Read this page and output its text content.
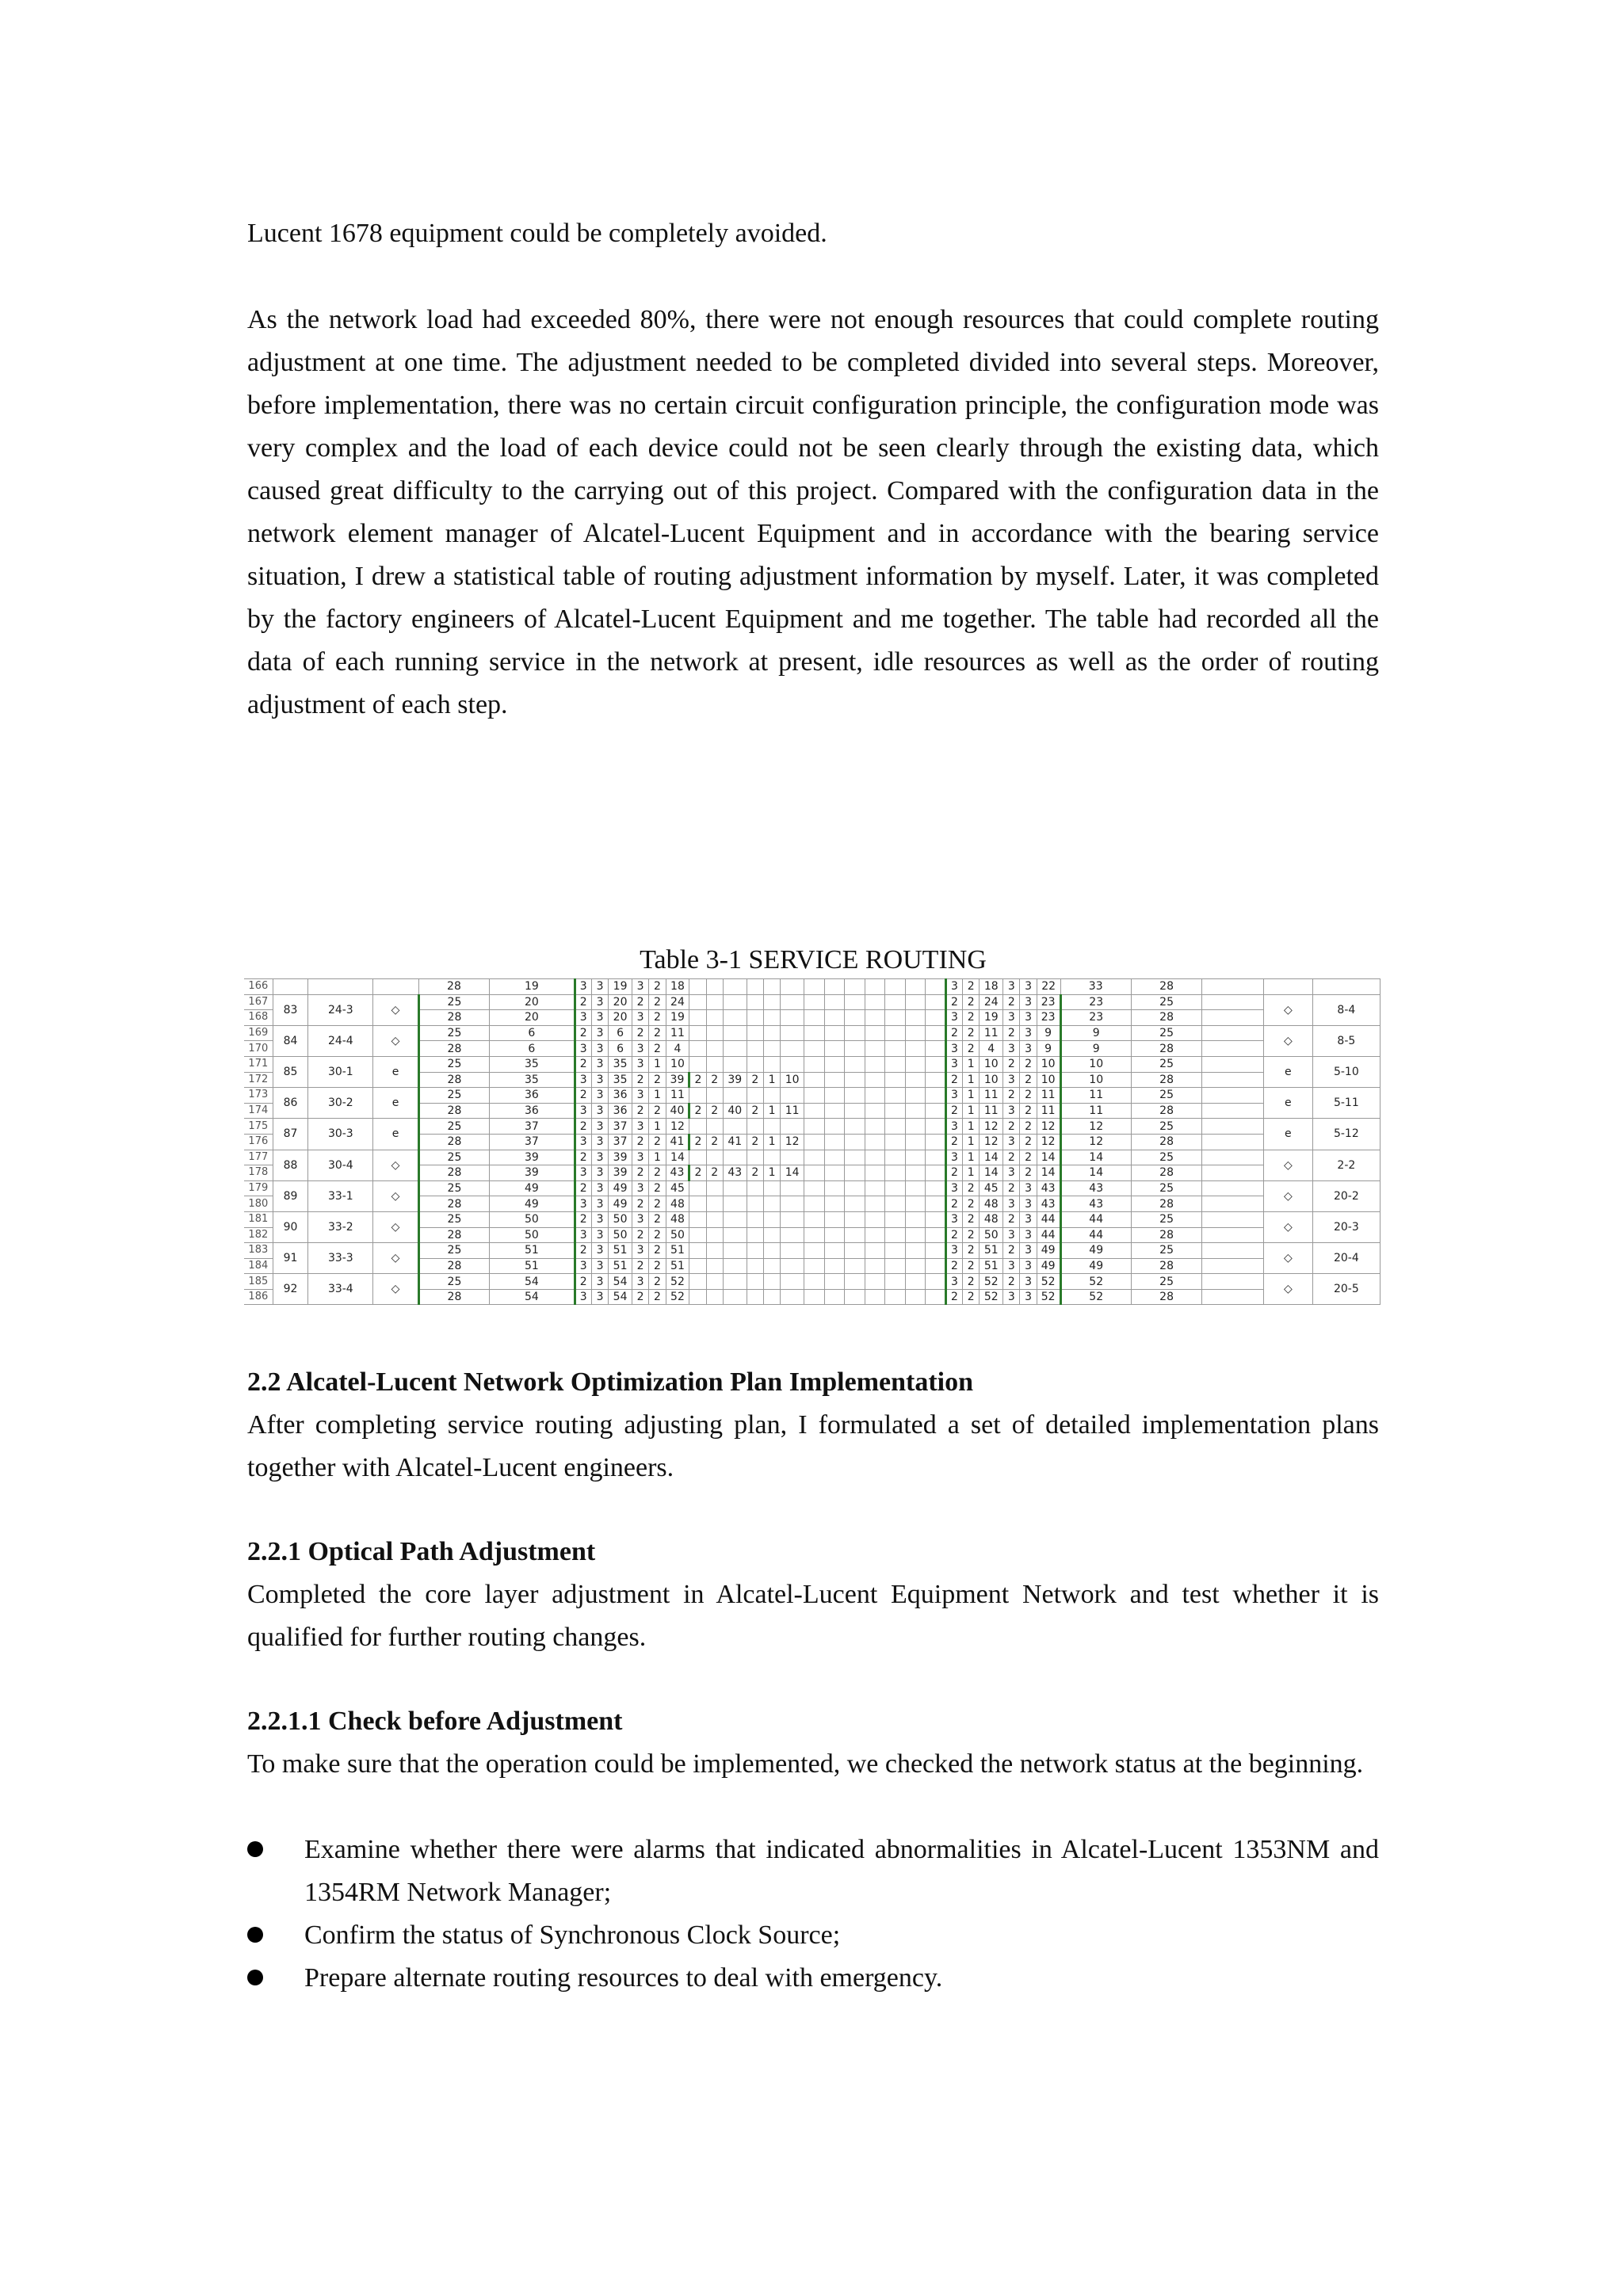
Lucent 1678 equipment could be completely avoided.

As the network load had exceeded 80%, there were not enough resources that could complete routing adjustment at one time. The adjustment needed to be completed divided into several steps. Moreover, before implementation, there was no certain circuit configuration principle, the configuration mode was very complex and the load of each device could not be seen clearly through the existing data, which caused great difficulty to the carrying out of this project. Compared with the configuration data in the network element manager of Alcatel-Lucent Equipment and in accordance with the bearing service situation, I drew a statistical table of routing adjustment information by myself. Later, it was completed by the factory engineers of Alcatel-Lucent Equipment and me together. The table had recorded all the data of each running service in the network at present, idle resources as well as the order of routing adjustment of each step.

Table 3-1 SERVICE ROUTING
166				28	19	3	3	19	3	2	18														3	2	18	3	3	22	33	28			
167	83	24-3	◇	25	20	2	3	20	2	2	24														2	2	24	2	3	23	23	25		◇	8-4
168				28	20	3	3	20	3	2	19														3	2	19	3	3	23	23	28			
169	84	24-4	◇	25	6	2	3	6	2	2	11														2	2	11	2	3	9	9	25		◇	8-5
170				28	6	3	3	6	3	2	4														3	2	4	3	3	9	9	28			
171	85	30-1	e	25	35	2	3	35	3	1	10														3	1	10	2	2	10	10	25		e	5-10
172				28	35	3	3	35	2	2	39	2	2	39	2	1	10								2	1	10	3	2	10	10	28			
173	86	30-2	e	25	36	2	3	36	3	1	11														3	1	11	2	2	11	11	25		e	5-11
174				28	36	3	3	36	2	2	40	2	2	40	2	1	11								2	1	11	3	2	11	11	28			
175	87	30-3	e	25	37	2	3	37	3	1	12														3	1	12	2	2	12	12	25		e	5-12
176				28	37	3	3	37	2	2	41	2	2	41	2	1	12								2	1	12	3	2	12	12	28			
177	88	30-4	◇	25	39	2	3	39	3	1	14														3	1	14	2	2	14	14	25		◇	2-2
178				28	39	3	3	39	2	2	43	2	2	43	2	1	14								2	1	14	3	2	14	14	28			
179	89	33-1	◇	25	49	2	3	49	3	2	45														3	2	45	2	3	43	43	25		◇	20-2
180				28	49	3	3	49	2	2	48														2	2	48	3	3	43	43	28			
181	90	33-2	◇	25	50	2	3	50	3	2	48														3	2	48	2	3	44	44	25		◇	20-3
182				28	50	3	3	50	2	2	50														2	2	50	3	3	44	44	28			
183	91	33-3	◇	25	51	2	3	51	3	2	51														3	2	51	2	3	49	49	25		◇	20-4
184				28	51	3	3	51	2	2	51														2	2	51	3	3	49	49	28			
185	92	33-4	◇	25	54	2	3	54	3	2	52														3	2	52	2	3	52	52	25		◇	20-5
186				28	54	3	3	54	2	2	52														2	2	52	3	3	52	52	28			
2.2 Alcatel-Lucent Network Optimization Plan Implementation

After completing service routing adjusting plan, I formulated a set of detailed implementation plans together with Alcatel-Lucent engineers.

2.2.1 Optical Path Adjustment

Completed the core layer adjustment in Alcatel-Lucent Equipment Network and test whether it is qualified for further routing changes.

2.2.1.1 Check before Adjustment

To make sure that the operation could be implemented, we checked the network status at the beginning.

Examine whether there were alarms that indicated abnormalities in Alcatel-Lucent 1353NM and 1354RM Network Manager;
Confirm the status of Synchronous Clock Source;
Prepare alternate routing resources to deal with emergency.
